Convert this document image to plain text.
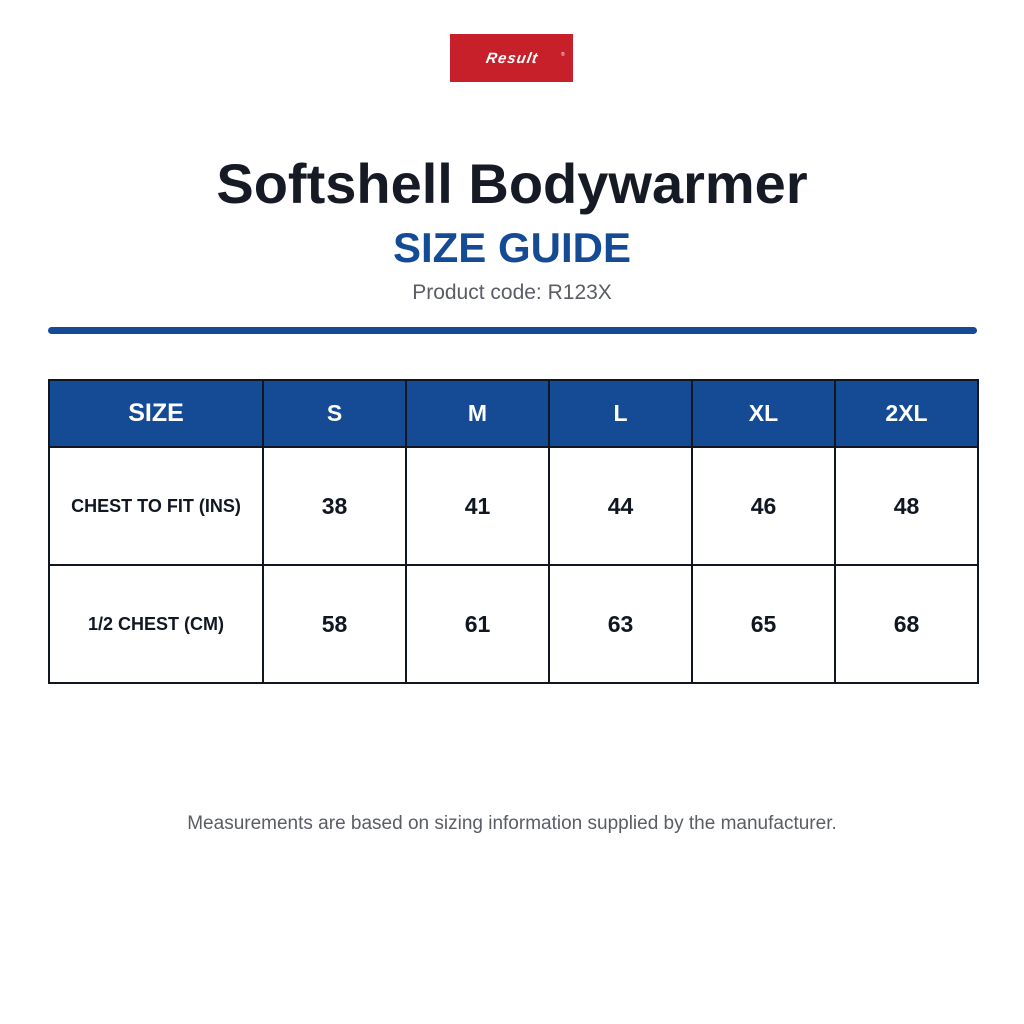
Result	®
Softshell Bodywarmer
SIZE GUIDE
Product code: R123X
SIZE	S	M	L	XL	2XL
CHEST TO FIT (INS)	38	41	44	46	48
1/2 CHEST (CM)	58	61	63	65	68
Measurements are based on sizing information supplied by the manufacturer.
